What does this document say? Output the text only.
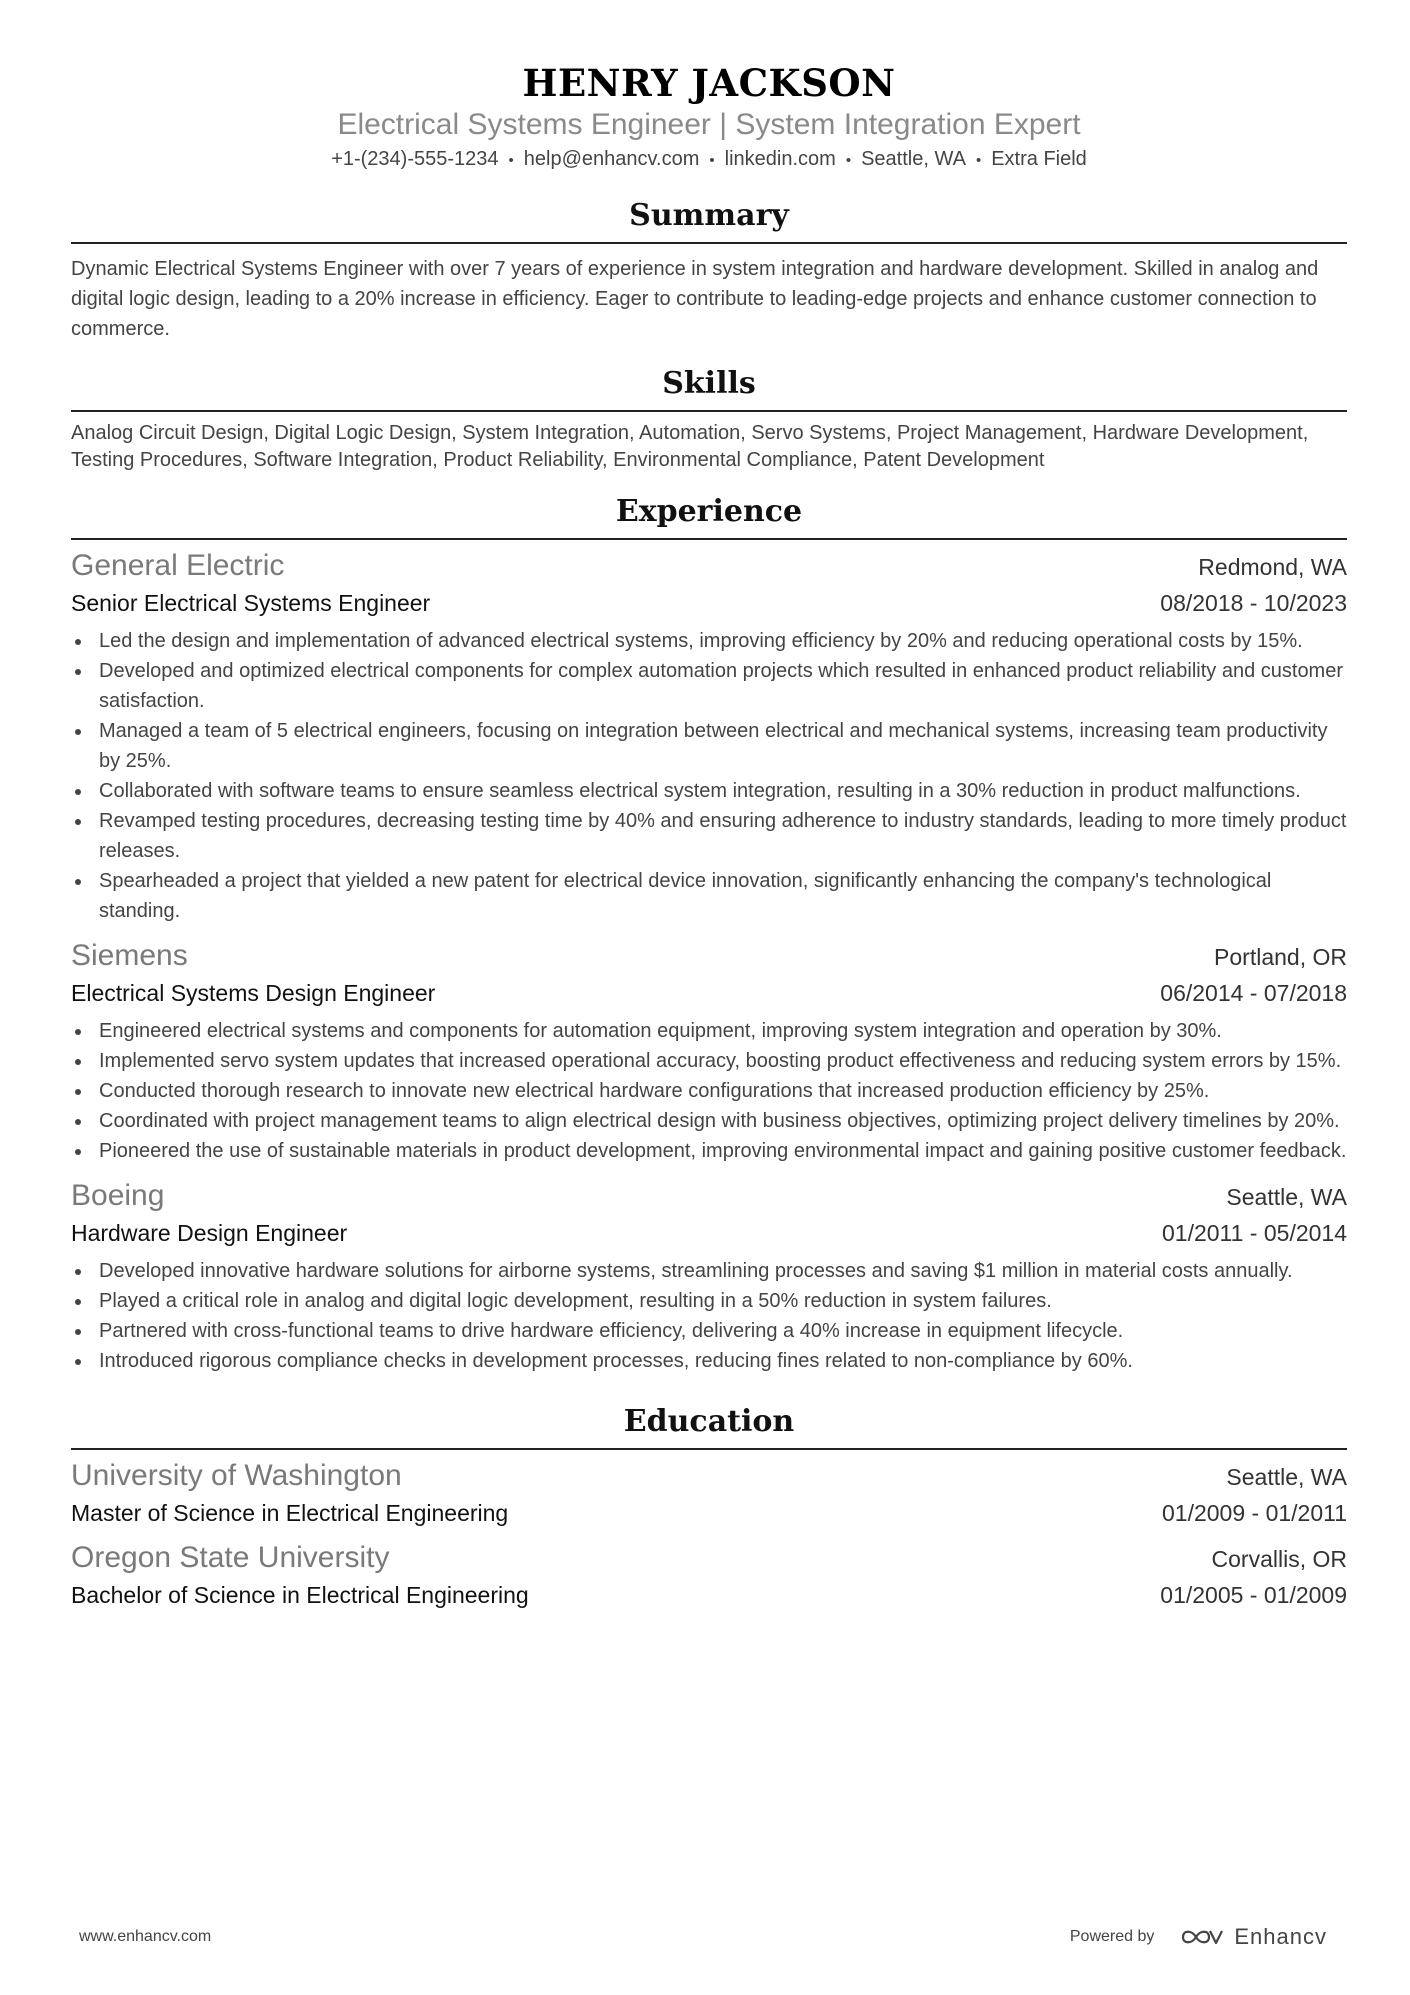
HENRY JACKSON
Electrical Systems Engineer | System Integration Expert
+1-(234)-555-1234 • help@enhancv.com • linkedin.com • Seattle, WA • Extra Field
Summary
Dynamic Electrical Systems Engineer with over 7 years of experience in system integration and hardware development. Skilled in analog and digital logic design, leading to a 20% increase in efficiency. Eager to contribute to leading-edge projects and enhance customer connection to commerce.
Skills
Analog Circuit Design, Digital Logic Design, System Integration, Automation, Servo Systems, Project Management, Hardware Development, Testing Procedures, Software Integration, Product Reliability, Environmental Compliance, Patent Development
Experience
General Electric	Redmond, WA
Senior Electrical Systems Engineer	08/2018 - 10/2023
Led the design and implementation of advanced electrical systems, improving efficiency by 20% and reducing operational costs by 15%.
Developed and optimized electrical components for complex automation projects which resulted in enhanced product reliability and customer satisfaction.
Managed a team of 5 electrical engineers, focusing on integration between electrical and mechanical systems, increasing team productivity by 25%.
Collaborated with software teams to ensure seamless electrical system integration, resulting in a 30% reduction in product malfunctions.
Revamped testing procedures, decreasing testing time by 40% and ensuring adherence to industry standards, leading to more timely product releases.
Spearheaded a project that yielded a new patent for electrical device innovation, significantly enhancing the company's technological standing.
Siemens	Portland, OR
Electrical Systems Design Engineer	06/2014 - 07/2018
Engineered electrical systems and components for automation equipment, improving system integration and operation by 30%.
Implemented servo system updates that increased operational accuracy, boosting product effectiveness and reducing system errors by 15%.
Conducted thorough research to innovate new electrical hardware configurations that increased production efficiency by 25%.
Coordinated with project management teams to align electrical design with business objectives, optimizing project delivery timelines by 20%.
Pioneered the use of sustainable materials in product development, improving environmental impact and gaining positive customer feedback.
Boeing	Seattle, WA
Hardware Design Engineer	01/2011 - 05/2014
Developed innovative hardware solutions for airborne systems, streamlining processes and saving $1 million in material costs annually.
Played a critical role in analog and digital logic development, resulting in a 50% reduction in system failures.
Partnered with cross-functional teams to drive hardware efficiency, delivering a 40% increase in equipment lifecycle.
Introduced rigorous compliance checks in development processes, reducing fines related to non-compliance by 60%.
Education
University of Washington	Seattle, WA
Master of Science in Electrical Engineering	01/2009 - 01/2011
Oregon State University	Corvallis, OR
Bachelor of Science in Electrical Engineering	01/2005 - 01/2009
www.enhancv.com	Powered by	Enhancv
